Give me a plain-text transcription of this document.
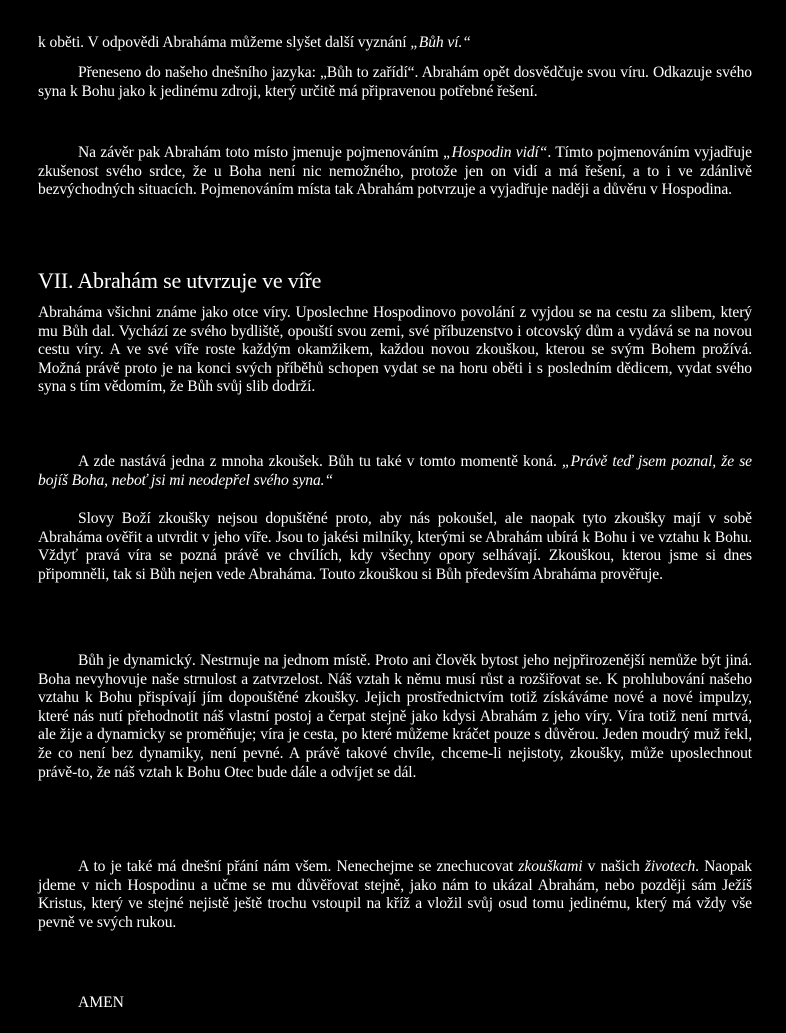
k oběti. V odpovědi Abraháma můžeme slyšet další vyznání „Bůh ví.“

Přeneseno do našeho dnešního jazyka: „Bůh to zařídí“. Abrahám opět dosvědčuje svou víru. Odkazuje svého syna k Bohu jako k jedinému zdroji, který určitě má připravenou potřebné řešení.

Na závěr pak Abrahám toto místo jmenuje pojmenováním „Hospodin vidí“. Tímto pojmenováním vyjadřuje zkušenost svého srdce, že u Boha není nic nemožného, protože jen on vidí a má řešení, a to i ve zdánlivě bezvýchodných situacích. Pojmenováním místa tak Abrahám potvrzuje a vyjadřuje naději a důvěru v Hospodina.

VII. Abrahám se utvrzuje ve víře

Abraháma všichni známe jako otce víry. Uposlechne Hospodinovo povolání z vyjdou se na cestu za slibem, který mu Bůh dal. Vychází ze svého bydliště, opouští svou zemi, své příbuzenstvo i otcovský dům a vydává se na novou cestu víry. A ve své víře roste každým okamžikem, každou novou zkouškou, kterou se svým Bohem prožívá. Možná právě proto je na konci svých příběhů schopen vydat se na horu oběti i s posledním dědicem, vydat svého syna s tím vědomím, že Bůh svůj slib dodrží.

A zde nastává jedna z mnoha zkoušek. Bůh tu také v tomto momentě koná. „Právě teď jsem poznal, že se bojíš Boha, neboť jsi mi neodepřel svého syna.“

Slovy Boží zkoušky nejsou dopuštěné proto, aby nás pokoušel, ale naopak tyto zkoušky mají v sobě Abraháma ověřit a utvrdit v jeho víře. Jsou to jakési milníky, kterými se Abrahám ubírá k Bohu i ve vztahu k Bohu. Vždyť pravá víra se pozná právě ve chvílích, kdy všechny opory selhávají. Zkouškou, kterou jsme si dnes připomněli, tak si Bůh nejen vede Abraháma. Touto zkouškou si Bůh především Abraháma prověřuje.

Bůh je dynamický. Nestrnuje na jednom místě. Proto ani člověk bytost jeho nejpřirozenější nemůže být jiná. Boha nevyhovuje naše strnulost a zatvrzelost. Náš vztah k němu musí růst a rozšiřovat se. K prohlubování našeho vztahu k Bohu přispívají jím dopouštěné zkoušky. Jejich prostřednictvím totiž získáváme nové a nové impulzy, které nás nutí přehodnotit náš vlastní postoj a čerpat stejně jako kdysi Abrahám z jeho víry. Víra totiž není mrtvá, ale žije a dynamicky se proměňuje; víra je cesta, po které můžeme kráčet pouze s důvěrou. Jeden moudrý muž řekl, že co není bez dynamiky, není pevné. A právě takové chvíle, chceme-li nejistoty, zkoušky, může uposlechnout právě-to, že náš vztah k Bohu Otec bude dále a odvíjet se dál.

A to je také má dnešní přání nám všem. Nenechejme se znechucovat zkouškami v našich životech. Naopak jdeme v nich Hospodinu a učme se mu důvěřovat stejně, jako nám to ukázal Abrahám, nebo později sám Ježíš Kristus, který ve stejné nejistě ještě trochu vstoupil na kříž a vložil svůj osud tomu jedinému, který má vždy vše pevně ve svých rukou.

AMEN
